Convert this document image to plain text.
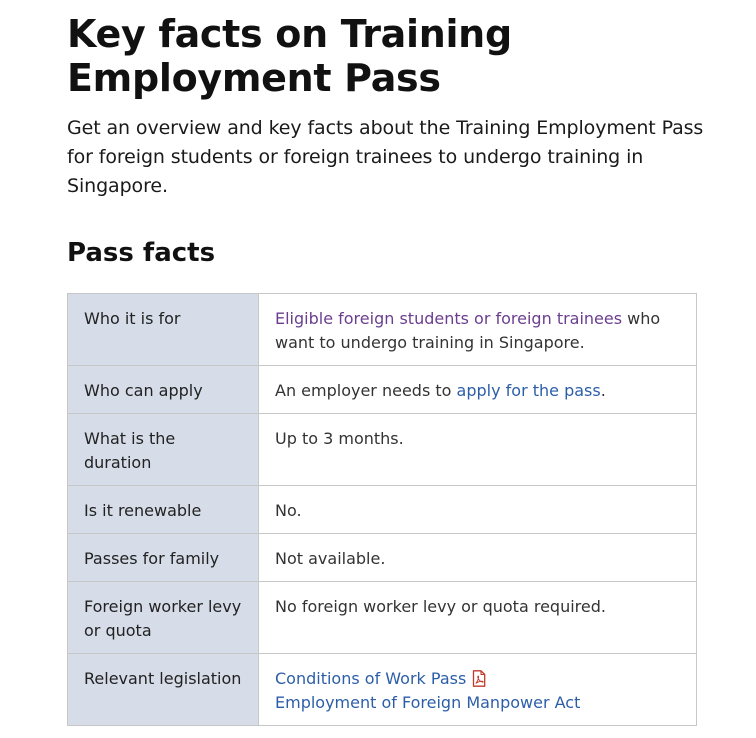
Key facts on Training Employment Pass

Get an overview and key facts about the Training Employment Pass for foreign students or foreign trainees to undergo training in Singapore.

Pass facts
Who it is for	Eligible foreign students or foreign trainees who want to undergo training in Singapore.
Who can apply	An employer needs to apply for the pass.
What is the duration	Up to 3 months.
Is it renewable	No.
Passes for family	Not available.
Foreign worker levy or quota	No foreign worker levy or quota required.
Relevant legislation	Conditions of Work Pass
Employment of Foreign Manpower Act
